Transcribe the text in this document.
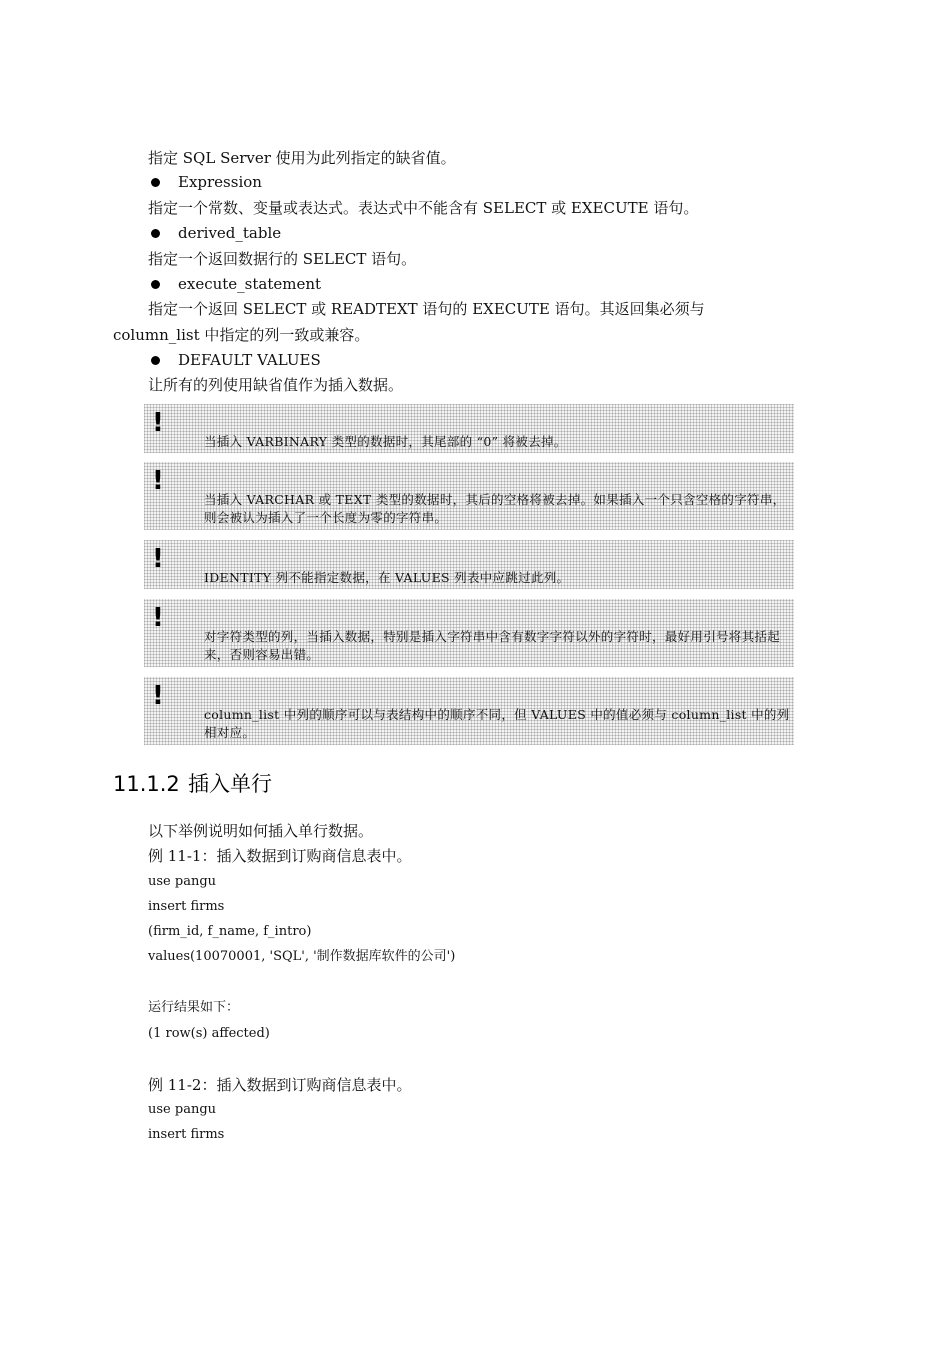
指定 SQL Server 使用为此列指定的缺省值。
Expression
指定一个常数、变量或表达式。表达式中不能含有 SELECT 或 EXECUTE 语句。
derived_table
指定一个返回数据行的 SELECT 语句。
execute_statement
指定一个返回 SELECT 或 READTEXT 语句的 EXECUTE 语句。其返回集必须与
column_list 中指定的列一致或兼容。
DEFAULT VALUES
让所有的列使用缺省值作为插入数据。
!
当插入 VARBINARY 类型的数据时，其尾部的 “0” 将被去掉。
!
当插入 VARCHAR 或 TEXT 类型的数据时，其后的空格将被去掉。如果插入一个只含空格的字符串，则会被认为插入了一个长度为零的字符串。
!
IDENTITY 列不能指定数据，在 VALUES 列表中应跳过此列。
!
对字符类型的列，当插入数据，特别是插入字符串中含有数字字符以外的字符时，最好用引号将其括起来，否则容易出错。
!
column_list 中列的顺序可以与表结构中的顺序不同，但 VALUES 中的值必须与 column_list 中的列相对应。
11.1.2 插入单行
以下举例说明如何插入单行数据。
例 11-1：插入数据到订购商信息表中。
use pangu
insert firms
(firm_id, f_name, f_intro)
values(10070001, 'SQL', '制作数据库软件的公司')
运行结果如下：
(1 row(s) affected)
例 11-2：插入数据到订购商信息表中。
use pangu
insert firms
